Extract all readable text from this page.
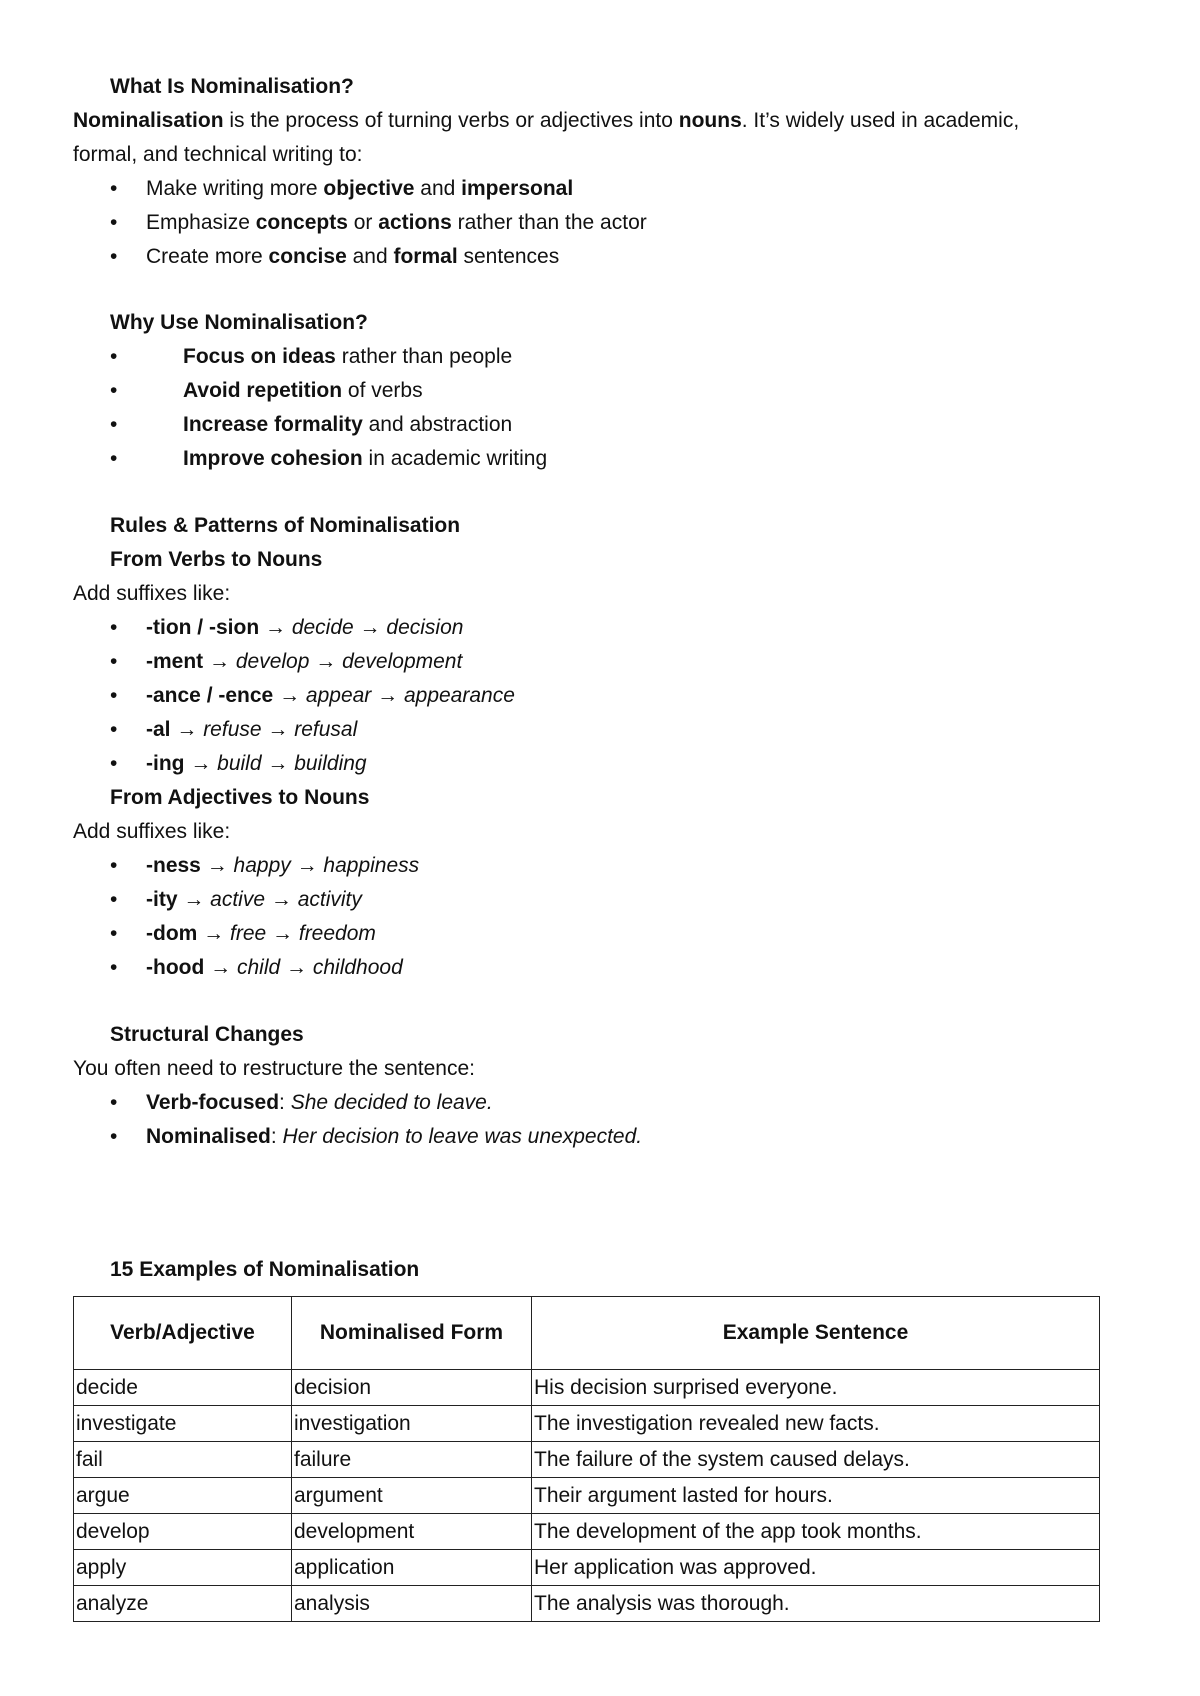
What Is Nominalisation?
Nominalisation is the process of turning verbs or adjectives into nouns. It’s widely used in academic,
formal, and technical writing to:
• Make writing more objective and impersonal
• Emphasize concepts or actions rather than the actor
• Create more concise and formal sentences
Why Use Nominalisation?
•	Focus on ideas rather than people
•	Avoid repetition of verbs
•	Increase formality and abstraction
•	Improve cohesion in academic writing
Rules & Patterns of Nominalisation
From Verbs to Nouns
Add suffixes like:
• -tion / -sion → decide → decision
• -ment → develop → development
• -ance / -ence → appear → appearance
• -al → refuse → refusal
• -ing → build → building
From Adjectives to Nouns
Add suffixes like:
• -ness → happy → happiness
• -ity → active → activity
• -dom → free → freedom
• -hood → child → childhood
Structural Changes
You often need to restructure the sentence:
• Verb-focused: She decided to leave.
• Nominalised: Her decision to leave was unexpected.
15 Examples of Nominalisation
Verb/Adjective	Nominalised Form	Example Sentence
decide	decision	His decision surprised everyone.
investigate	investigation	The investigation revealed new facts.
fail	failure	The failure of the system caused delays.
argue	argument	Their argument lasted for hours.
develop	development	The development of the app took months.
apply	application	Her application was approved.
analyze	analysis	The analysis was thorough.
